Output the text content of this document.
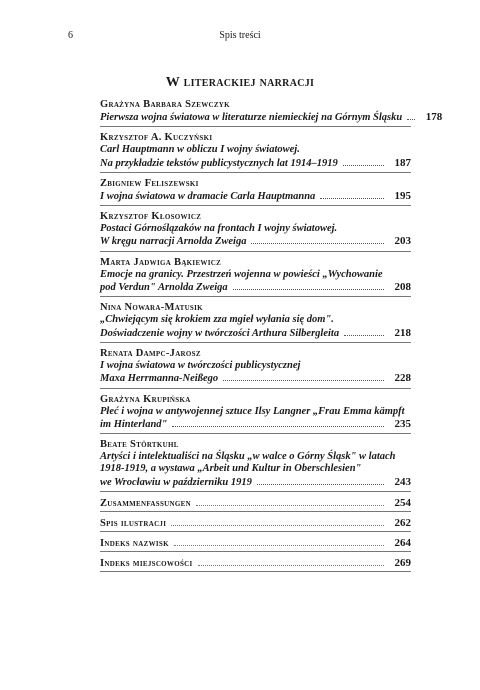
6	Spis treści
W literackiej narracji
Grażyna Barbara Szewczyk
Pierwsza wojna światowa w literaturze niemieckiej na Górnym Śląsku	178
Krzysztof A. Kuczyński
Carl Hauptmann w obliczu I wojny światowej.
Na przykładzie tekstów publicystycznych lat 1914–1919	187
Zbigniew Feliszewski
I wojna światowa w dramacie Carla Hauptmanna	195
Krzysztof Kłosowicz
Postaci Górnoślązaków na frontach I wojny światowej.
W kręgu narracji Arnolda Zweiga	203
Marta Jadwiga Bąkiewicz
Emocje na granicy. Przestrzeń wojenna w powieści „Wychowanie
pod Verdun" Arnolda Zweiga	208
Nina Nowara-Matusik
„Chwiejącym się krokiem zza mgieł wyłania się dom".
Doświadczenie wojny w twórczości Arthura Silbergleita	218
Renata Dampc-Jarosz
I wojna światowa w twórczości publicystycznej
Maxa Herrmanna-Neißego	228
Grażyna Krupińska
Płeć i wojna w antywojennej sztuce Ilsy Langner „Frau Emma kämpft
im Hinterland"	235
Beate Störtkuhl
Artyści i intelektualiści na Śląsku „w walce o Górny Śląsk" w latach
1918-1919, a wystawa „Arbeit und Kultur in Oberschlesien"
we Wrocławiu w październiku 1919	243
Zusammenfassungen	254
Spis ilustracji	262
Indeks nazwisk	264
Indeks miejscowości	269
